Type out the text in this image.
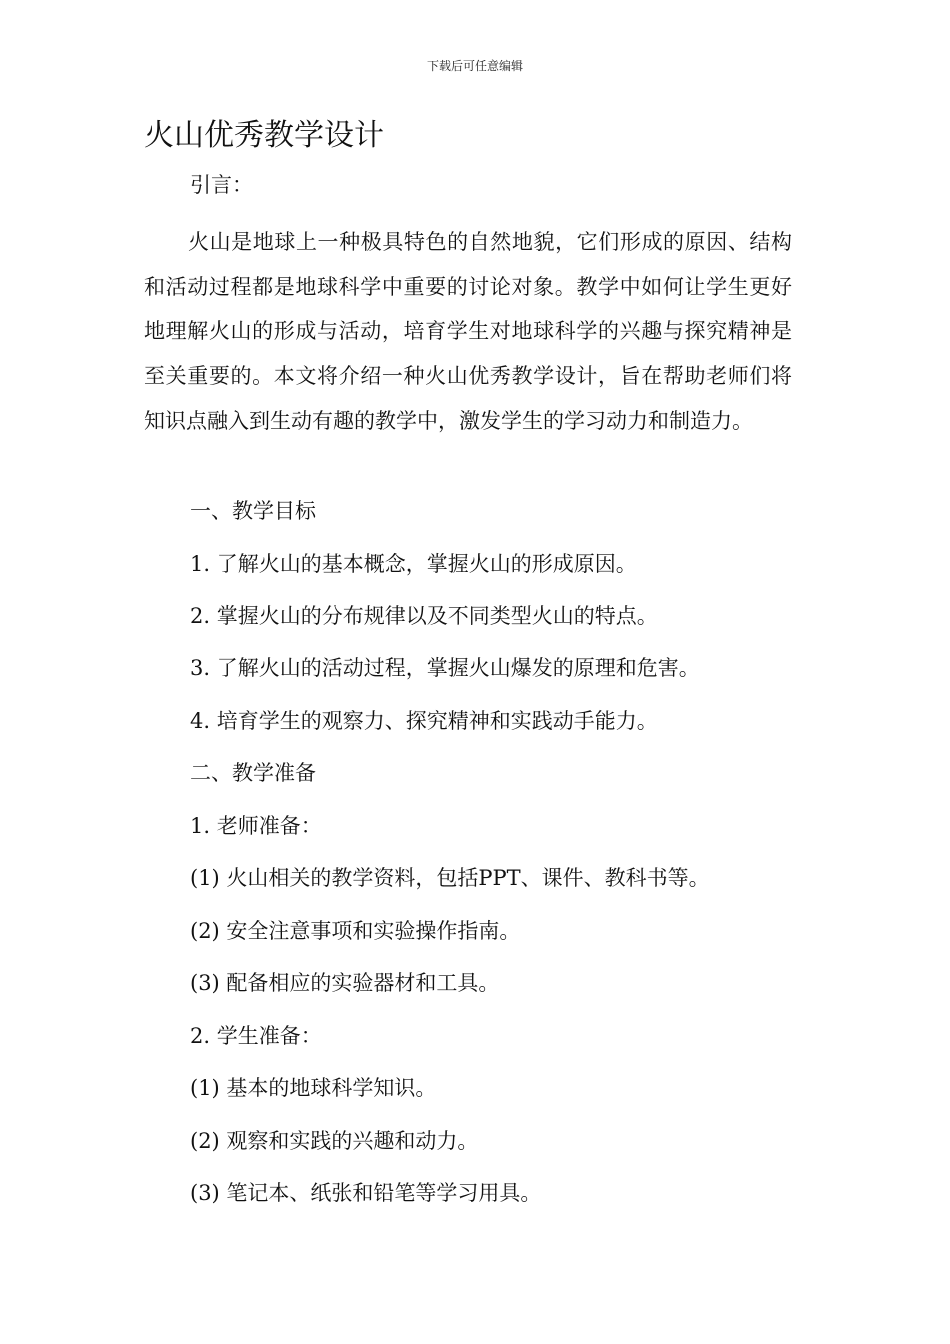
下载后可任意编辑
火山优秀教学设计

引言：

火山是地球上一种极具特色的自然地貌，它们形成的原因、结构和活动过程都是地球科学中重要的讨论对象。教学中如何让学生更好地理解火山的形成与活动，培育学生对地球科学的兴趣与探究精神是至关重要的。本文将介绍一种火山优秀教学设计，旨在帮助老师们将知识点融入到生动有趣的教学中，激发学生的学习动力和制造力。

一、教学目标

1. 了解火山的基本概念，掌握火山的形成原因。

2. 掌握火山的分布规律以及不同类型火山的特点。

3. 了解火山的活动过程，掌握火山爆发的原理和危害。

4. 培育学生的观察力、探究精神和实践动手能力。

二、教学准备

1. 老师准备：

(1) 火山相关的教学资料，包括PPT、课件、教科书等。

(2) 安全注意事项和实验操作指南。

(3) 配备相应的实验器材和工具。

2. 学生准备：

(1) 基本的地球科学知识。

(2) 观察和实践的兴趣和动力。

(3) 笔记本、纸张和铅笔等学习用具。
